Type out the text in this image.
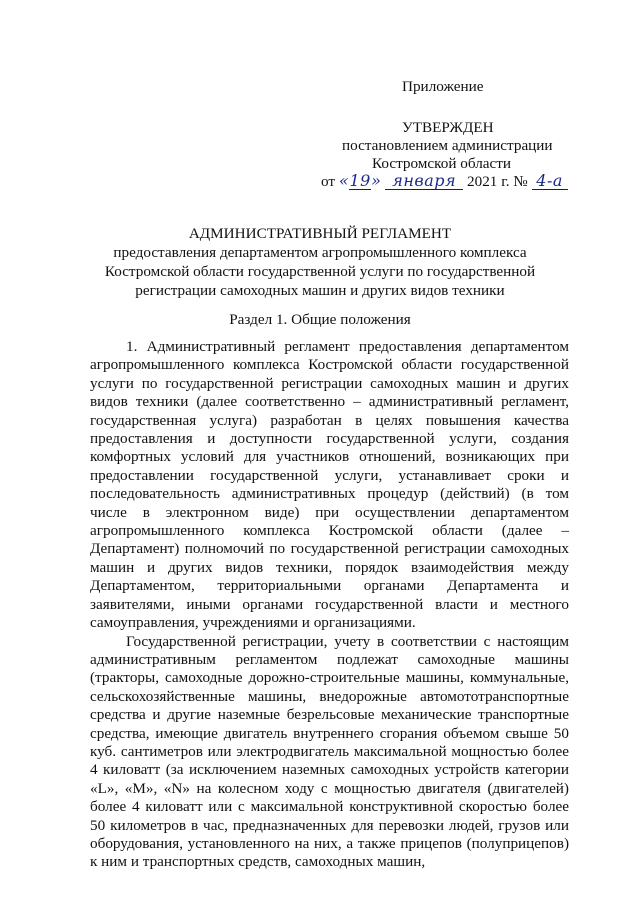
Приложение
УТВЕРЖДЕН
постановлением администрации
Костромской области
от «19» января 2021 г. № 4-а
АДМИНИСТРАТИВНЫЙ РЕГЛАМЕНТ
предоставления департаментом агропромышленного комплекса
Костромской области государственной услуги по государственной
регистрации самоходных машин и других видов техники
Раздел 1. Общие положения

1. Административный регламент предоставления департаментом агропромышленного комплекса Костромской области государственной услуги по государственной регистрации самоходных машин и других видов техники (далее соответственно – административный регламент, государственная услуга) разработан в целях повышения качества предоставления и доступности государственной услуги, создания комфортных условий для участников отношений, возникающих при предоставлении государственной услуги, устанавливает сроки и последовательность административных процедур (действий) (в том числе в электронном виде) при осуществлении департаментом агропромышленного комплекса Костромской области (далее – Департамент) полномочий по государственной регистрации самоходных машин и других видов техники, порядок взаимодействия между Департаментом, территориальными органами Департамента и заявителями, иными органами государственной власти и местного самоуправления, учреждениями и организациями.

Государственной регистрации, учету в соответствии с настоящим административным регламентом подлежат самоходные машины (тракторы, самоходные дорожно-строительные машины, коммунальные, сельскохозяйственные машины, внедорожные автомототранспортные средства и другие наземные безрельсовые механические транспортные средства, имеющие двигатель внутреннего сгорания объемом свыше 50 куб. сантиметров или электродвигатель максимальной мощностью более 4 киловатт (за исключением наземных самоходных устройств категории «L», «M», «N» на колесном ходу с мощностью двигателя (двигателей) более 4 киловатт или с максимальной конструктивной скоростью более 50 километров в час, предназначенных для перевозки людей, грузов или оборудования, установленного на них, а также прицепов (полуприцепов) к ним и транспортных средств, самоходных машин,
